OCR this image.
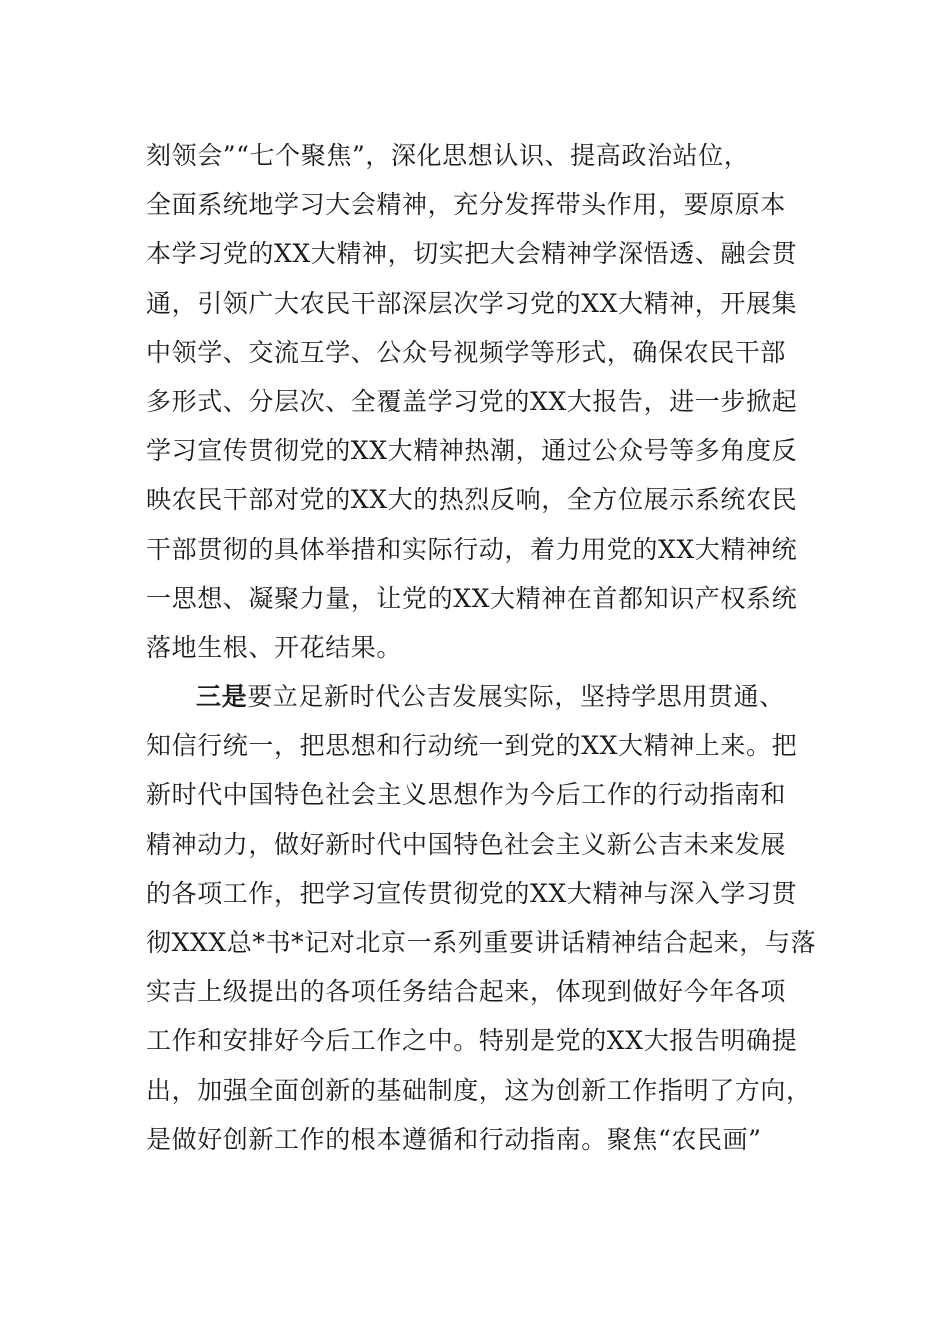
刻领会”“七个聚焦”，深化思想认识、提高政治站位，
全面系统地学习大会精神，充分发挥带头作用，要原原本
本学习党的XX大精神，切实把大会精神学深悟透、融会贯
通，引领广大农民干部深层次学习党的XX大精神，开展集
中领学、交流互学、公众号视频学等形式，确保农民干部
多形式、分层次、全覆盖学习党的XX大报告，进一步掀起
学习宣传贯彻党的XX大精神热潮，通过公众号等多角度反
映农民干部对党的XX大的热烈反响，全方位展示系统农民
干部贯彻的具体举措和实际行动，着力用党的XX大精神统
一思想、凝聚力量，让党的XX大精神在首都知识产权系统
落地生根、开花结果。
三是要立足新时代公吉发展实际，坚持学思用贯通、
知信行统一，把思想和行动统一到党的XX大精神上来。把
新时代中国特色社会主义思想作为今后工作的行动指南和
精神动力，做好新时代中国特色社会主义新公吉未来发展
的各项工作，把学习宣传贯彻党的XX大精神与深入学习贯
彻XXX总*书*记对北京一系列重要讲话精神结合起来，与落
实吉上级提出的各项任务结合起来，体现到做好今年各项
工作和安排好今后工作之中。特别是党的XX大报告明确提
出，加强全面创新的基础制度，这为创新工作指明了方向，
是做好创新工作的根本遵循和行动指南。聚焦“农民画”
